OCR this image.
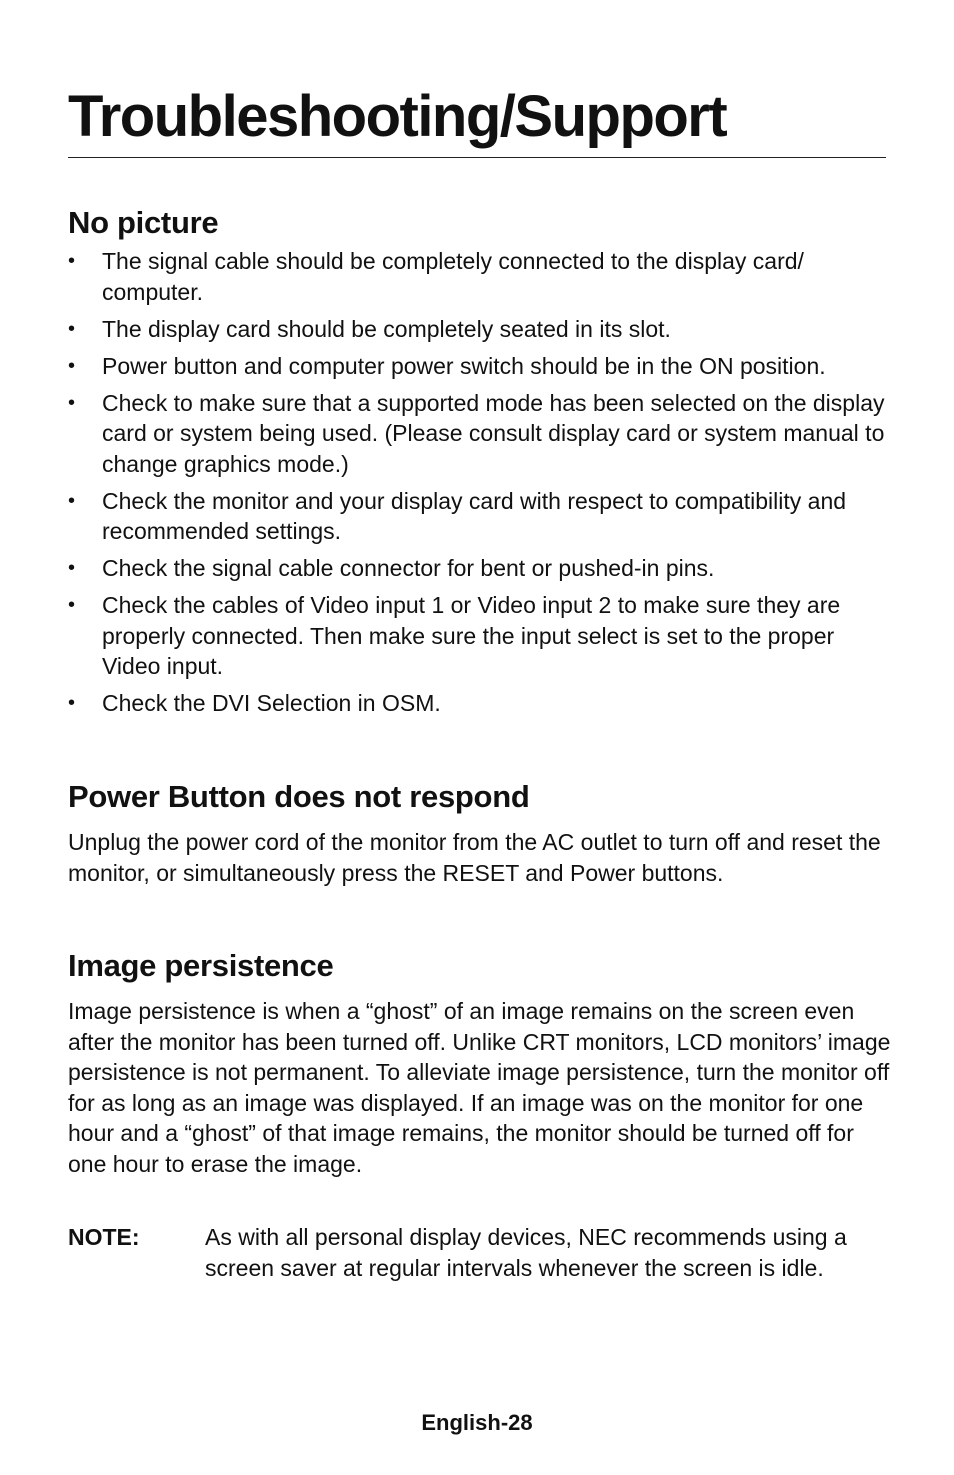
Troubleshooting/Support
No picture
• The signal cable should be completely connected to the display card/ computer.
• The display card should be completely seated in its slot.
• Power button and computer power switch should be in the ON position.
• Check to make sure that a supported mode has been selected on the display card or system being used. (Please consult display card or system manual to change graphics mode.)
• Check the monitor and your display card with respect to compatibility and recommended settings.
• Check the signal cable connector for bent or pushed-in pins.
• Check the cables of Video input 1 or Video input 2 to make sure they are properly connected. Then make sure the input select is set to the proper Video input.
• Check the DVI Selection in OSM.
Power Button does not respond

Unplug the power cord of the monitor from the AC outlet to turn off and reset the monitor, or simultaneously press the RESET and Power buttons.

Image persistence

Image persistence is when a “ghost” of an image remains on the screen even after the monitor has been turned off. Unlike CRT monitors, LCD monitors’ image persistence is not permanent. To alleviate image persistence, turn the monitor off for as long as an image was displayed. If an image was on the monitor for one hour and a “ghost” of that image remains, the monitor should be turned off for one hour to erase the image.

NOTE:	As with all personal display devices, NEC recommends using a screen saver at regular intervals whenever the screen is idle.
English-28
